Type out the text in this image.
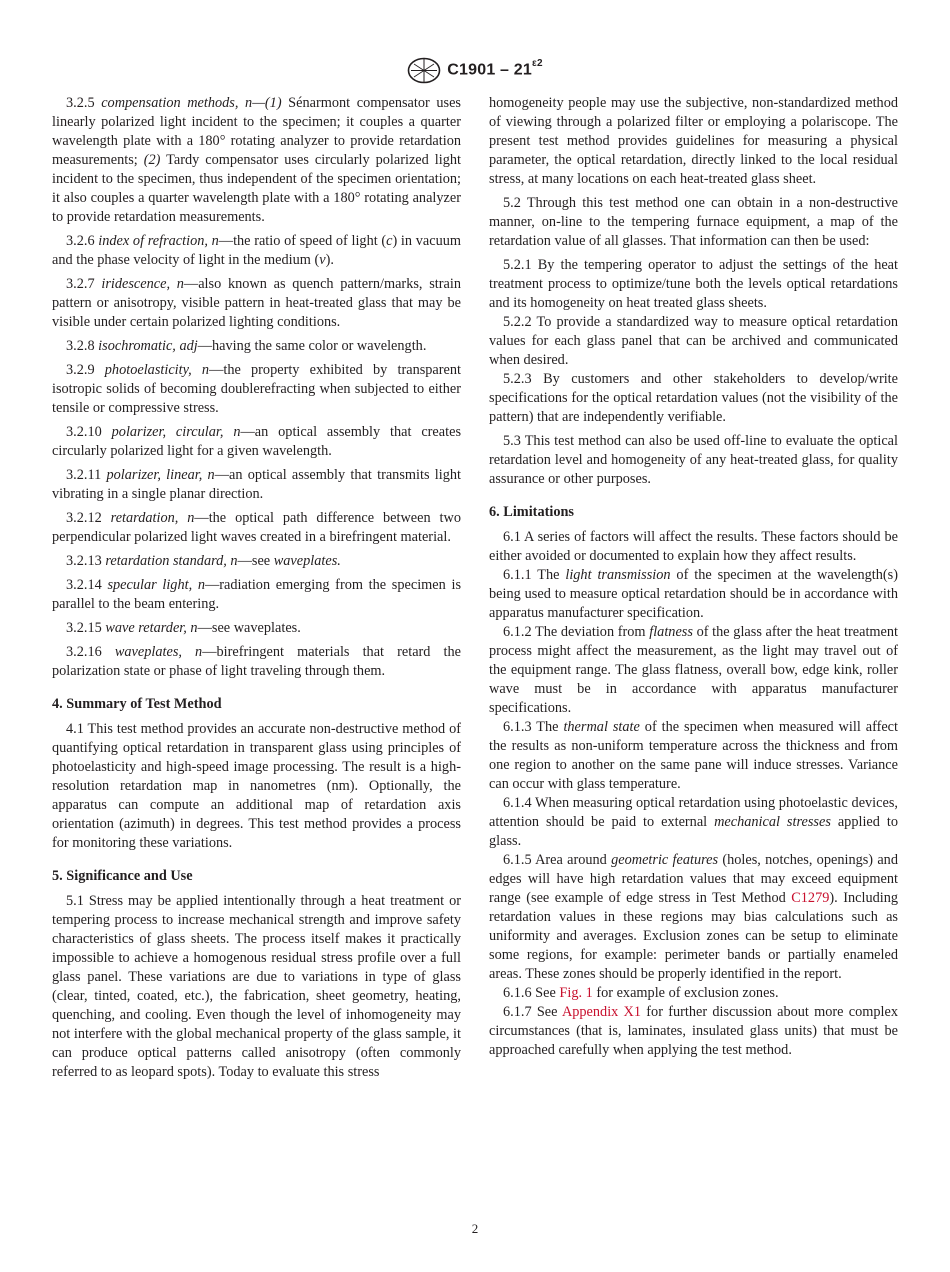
$C1901 - 21^{\varepsilon 2}$

3.2.5 compensation methods, n—(1) Sénarmont compensator uses linearly polarized light incident to the specimen; it couples a quarter wavelength plate with a 180° rotating analyzer to provide retardation measurements; (2) Tardy compensator uses circularly polarized light incident to the specimen, thus independent of the specimen orientation; it also couples a quarter wavelength plate with a 180° rotating analyzer to provide retardation measurements.

3.2.6 index of refraction, n—the ratio of speed of light (c) in vacuum and the phase velocity of light in the medium (v).

3.2.7 iridescence, n—also known as quench pattern/marks, strain pattern or anisotropy, visible pattern in heat-treated glass that may be visible under certain polarized lighting conditions.

3.2.8 isochromatic, adj—having the same color or wavelength.

3.2.9 photoelasticity, n—the property exhibited by transparent isotropic solids of becoming doublerefracting when subjected to either tensile or compressive stress.

3.2.10 polarizer, circular, n—an optical assembly that creates circularly polarized light for a given wavelength.

3.2.11 polarizer, linear, n—an optical assembly that transmits light vibrating in a single planar direction.

3.2.12 retardation, n—the optical path difference between two perpendicular polarized light waves created in a birefringent material.

3.2.13 retardation standard, n—see waveplates.

3.2.14 specular light, n—radiation emerging from the specimen is parallel to the beam entering.

3.2.15 wave retarder, n—see waveplates.

3.2.16 waveplates, n—birefringent materials that retard the polarization state or phase of light traveling through them.

4. Summary of Test Method

4.1 This test method provides an accurate non-destructive method of quantifying optical retardation in transparent glass using principles of photoelasticity and high-speed image processing. The result is a high-resolution retardation map in nanometres (nm). Optionally, the apparatus can compute an additional map of retardation axis orientation (azimuth) in degrees. This test method provides a process for monitoring these variations.

5. Significance and Use

5.1 Stress may be applied intentionally through a heat treatment or tempering process to increase mechanical strength and improve safety characteristics of glass sheets. The process itself makes it practically impossible to achieve a homogenous residual stress profile over a full glass panel. These variations are due to variations in type of glass (clear, tinted, coated, etc.), the fabrication, sheet geometry, heating, quenching, and cooling. Even though the level of inhomogeneity may not interfere with the global mechanical property of the glass sample, it can produce optical patterns called anisotropy (often commonly referred to as leopard spots). Today to evaluate this stress

homogeneity people may use the subjective, non-standardized method of viewing through a polarized filter or employing a polariscope. The present test method provides guidelines for measuring a physical parameter, the optical retardation, directly linked to the local residual stress, at many locations on each heat-treated glass sheet.

5.2 Through this test method one can obtain in a non-destructive manner, on-line to the tempering furnace equipment, a map of the retardation value of all glasses. That information can then be used:

5.2.1 By the tempering operator to adjust the settings of the heat treatment process to optimize/tune both the levels optical retardations and its homogeneity on heat treated glass sheets.

5.2.2 To provide a standardized way to measure optical retardation values for each glass panel that can be archived and communicated when desired.

5.2.3 By customers and other stakeholders to develop/write specifications for the optical retardation values (not the visibility of the pattern) that are independently verifiable.

5.3 This test method can also be used off-line to evaluate the optical retardation level and homogeneity of any heat-treated glass, for quality assurance or other purposes.

6. Limitations

6.1 A series of factors will affect the results. These factors should be either avoided or documented to explain how they affect results.

6.1.1 The light transmission of the specimen at the wavelength(s) being used to measure optical retardation should be in accordance with apparatus manufacturer specification.

6.1.2 The deviation from flatness of the glass after the heat treatment process might affect the measurement, as the light may travel out of the equipment range. The glass flatness, overall bow, edge kink, roller wave must be in accordance with apparatus manufacturer specifications.

6.1.3 The thermal state of the specimen when measured will affect the results as non-uniform temperature across the thickness and from one region to another on the same pane will induce stresses. Variance can occur with glass temperature.

6.1.4 When measuring optical retardation using photoelastic devices, attention should be paid to external mechanical stresses applied to glass.

6.1.5 Area around geometric features (holes, notches, openings) and edges will have high retardation values that may exceed equipment range (see example of edge stress in Test Method C1279). Including retardation values in these regions may bias calculations such as uniformity and averages. Exclusion zones can be setup to eliminate some regions, for example: perimeter bands or partially enameled areas. These zones should be properly identified in the report.

6.1.6 See Fig. 1 for example of exclusion zones.

6.1.7 See Appendix X1 for further discussion about more complex circumstances (that is, laminates, insulated glass units) that must be approached carefully when applying the test method.

2
